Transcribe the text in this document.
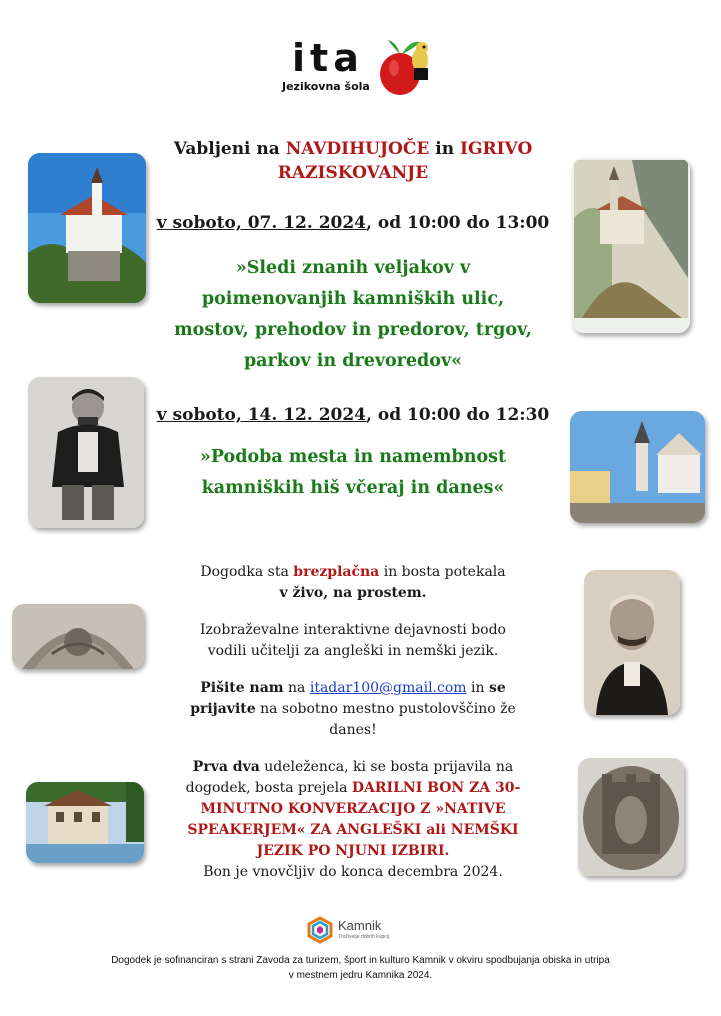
ita
Jezikovna šola
Vabljeni na NAVDIHUJOČE in IGRIVO
RAZISKOVANJE
v soboto, 07. 12. 2024, od 10:00 do 13:00
»Sledi znanih veljakov v
poimenovanjih kamniških ulic,
mostov, prehodov in predorov, trgov,
parkov in drevoredov«
v soboto, 14. 12. 2024, od 10:00 do 12:30
»Podoba mesta in namembnost
kamniških hiš včeraj in danes«
Dogodka sta brezplačna in bosta potekala
v živo, na prostem.
Izobraževalne interaktivne dejavnosti bodo
vodili učitelji za angleški in nemški jezik.
Pišite nam na itadar100@gmail.com in se
prijavite na sobotno mestno pustolovščino že
danes!
Prva dva udeleženca, ki se bosta prijavila na
dogodek, bosta prejela DARILNI BON ZA 30-
MINUTNO KONVERZACIJO Z »NATIVE
SPEAKERJEM« ZA ANGLEŠKI ali NEMŠKI
JEZIK PO NJUNI IZBIRI.
Bon je vnovčljiv do konca decembra 2024.
Kamnik
Doživetje dobrih kupcij
Dogodek je sofinanciran s strani Zavoda za turizem, šport in kulturo Kamnik v okviru spodbujanja obiska in utripa
v mestnem jedru Kamnika 2024.
